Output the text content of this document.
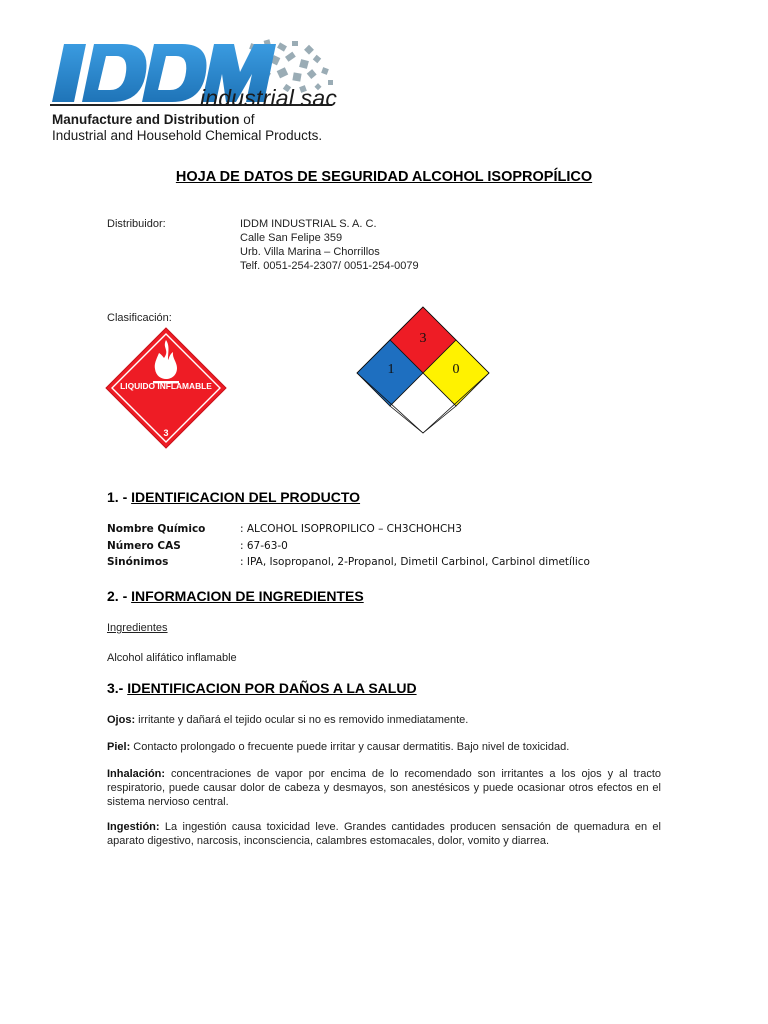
industrial sac
Manufacture and Distribution of
Industrial and Household Chemical Products.
HOJA DE DATOS DE SEGURIDAD ALCOHOL ISOPROPÍLICO
Distribuidor:	IDDM INDUSTRIAL S. A. C.
Calle San Felipe 359
Urb. Villa Marina – Chorrillos
Telf. 0051-254-2307/ 0051-254-0079
Clasificación:
LIQUIDO INFLAMABLE
3
3
1	0
1. - IDENTIFICACION DEL PRODUCTO
Nombre Químico	: ALCOHOL ISOPROPILICO – CH3CHOHCH3
Número CAS	: 67-63-0
Sinónimos	: IPA, Isopropanol, 2-Propanol, Dimetil Carbinol, Carbinol dimetílico
2. - INFORMACION DE INGREDIENTES
Ingredientes
Alcohol alifático inflamable
3.- IDENTIFICACION POR DAÑOS A LA SALUD
Ojos: irritante y dañará el tejido ocular si no es removido inmediatamente.
Piel: Contacto prolongado o frecuente puede irritar y causar dermatitis. Bajo nivel de toxicidad.
Inhalación: concentraciones de vapor por encima de lo recomendado son irritantes a los ojos y al tracto respiratorio, puede causar dolor de cabeza y desmayos, son anestésicos y puede ocasionar otros efectos en el sistema nervioso central.
Ingestión: La ingestión causa toxicidad leve. Grandes cantidades producen sensación de quemadura en el aparato digestivo, narcosis, inconsciencia, calambres estomacales, dolor, vomito y diarrea.
